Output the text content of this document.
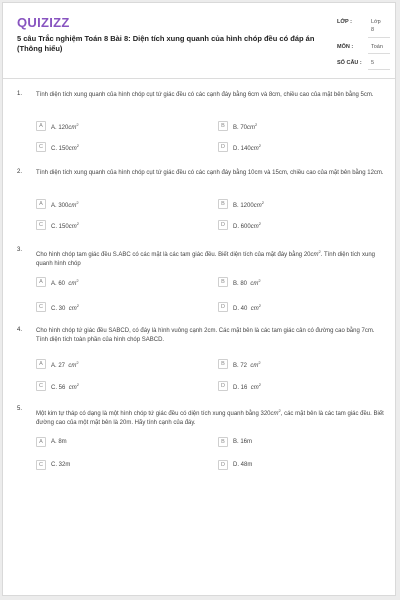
QUIZIZZ
5 câu Trắc nghiệm Toán 8 Bài 8: Diện tích xung quanh của hình chóp đều có đáp án (Thông hiểu)
LỚP :	Lớp
8
MÔN :	Toán
SỐ CÂU : 5
1. Tính diện tích xung quanh của hình chóp cụt tứ giác đều có các cạnh đáy bằng 6cm và 8cm, chiều cao của mặt bên bằng 5cm.
A	A. $120cm^2$	B	B. $70cm^2$
C	C. $150cm^2$	D	D. $140cm^2$
2. Tính diện tích xung quanh của hình chóp cụt tứ giác đều có các cạnh đáy bằng 10cm và 15cm, chiều cao của mặt bên bằng 12cm.
A	A. $300cm^2$	B	B. $1200cm^2$
C	C. $150cm^2$	D	D. $600cm^2$
3.
Cho hình chóp tam giác đều S.ABC có các mặt là các tam giác đều. Biết diện tích của mặt đáy bằng $20cm^2$. Tính diện tích xung quanh hình chóp
A	A. 60 $cm^2$	B	B. 80 $cm^2$
C	C. 30 $cm^2$	D	D. 40 $cm^2$
4. Cho hình chóp tứ giác đều SABCD, có đáy là hình vuông cạnh 2cm. Các mặt bên là các tam giác cân có đường cao bằng 7cm. Tính diện tích toàn phần của hình chóp SABCD.
A	A. 27 $cm^2$	B	B. 72 $cm^2$
C	C. 56 $cm^2$	D	D. 16 $cm^2$
5.
Một kim tự tháp có dạng là một hình chóp tứ giác đều có diện tích xung quanh bằng $320cm^2$, các mặt bên là các tam giác đều. Biết đường cao của một mặt bên là 20m. Hãy tính cạnh của đáy.
A	A. 8m	B	B. 16m
C	C. 32m	D	D. 48m
